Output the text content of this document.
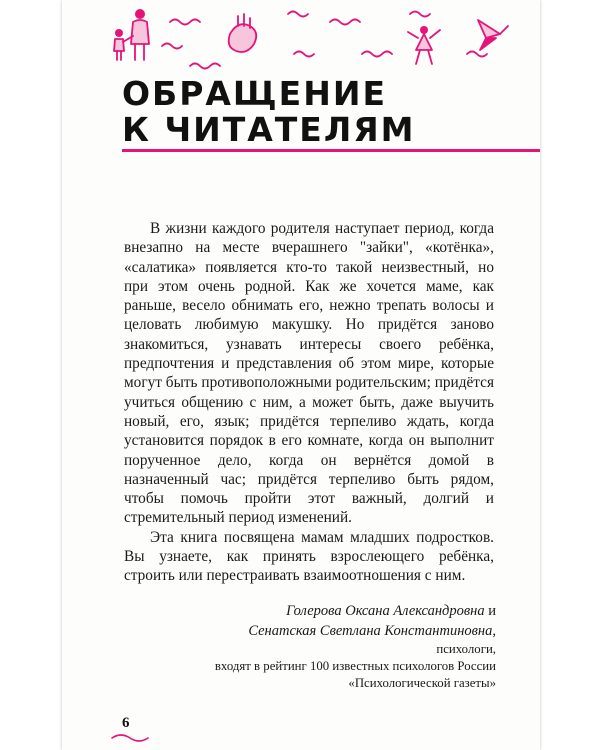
ОБРАЩЕНИЕ
К ЧИТАТЕЛЯМ

В жизни каждого родителя наступает период, когда внезапно на месте вчерашнего "зайки", «котёнка», «салатика» появляется кто-то такой неизвестный, но при этом очень родной. Как же хочется маме, как раньше, весело обнимать его, нежно трепать волосы и целовать любимую макушку. Но придётся заново знакомиться, узнавать интересы своего ребёнка, предпочтения и представления об этом мире, которые могут быть противоположными родительским; придётся учиться общению с ним, а может быть, даже выучить новый, его, язык; придётся терпеливо ждать, когда установится порядок в его комнате, когда он выполнит порученное дело, когда он вернётся домой в назначенный час; придётся терпеливо быть рядом, чтобы помочь пройти этот важный, долгий и стремительный период изменений.

Эта книга посвящена мамам младших подростков. Вы узнаете, как принять взрослеющего ребёнка, строить или перестраивать взаимоотношения с ним.

Голерова Оксана Александровна и
Сенатская Светлана Константиновна,
психологи,
входят в рейтинг 100 известных психологов России
«Психологической газеты»
6
